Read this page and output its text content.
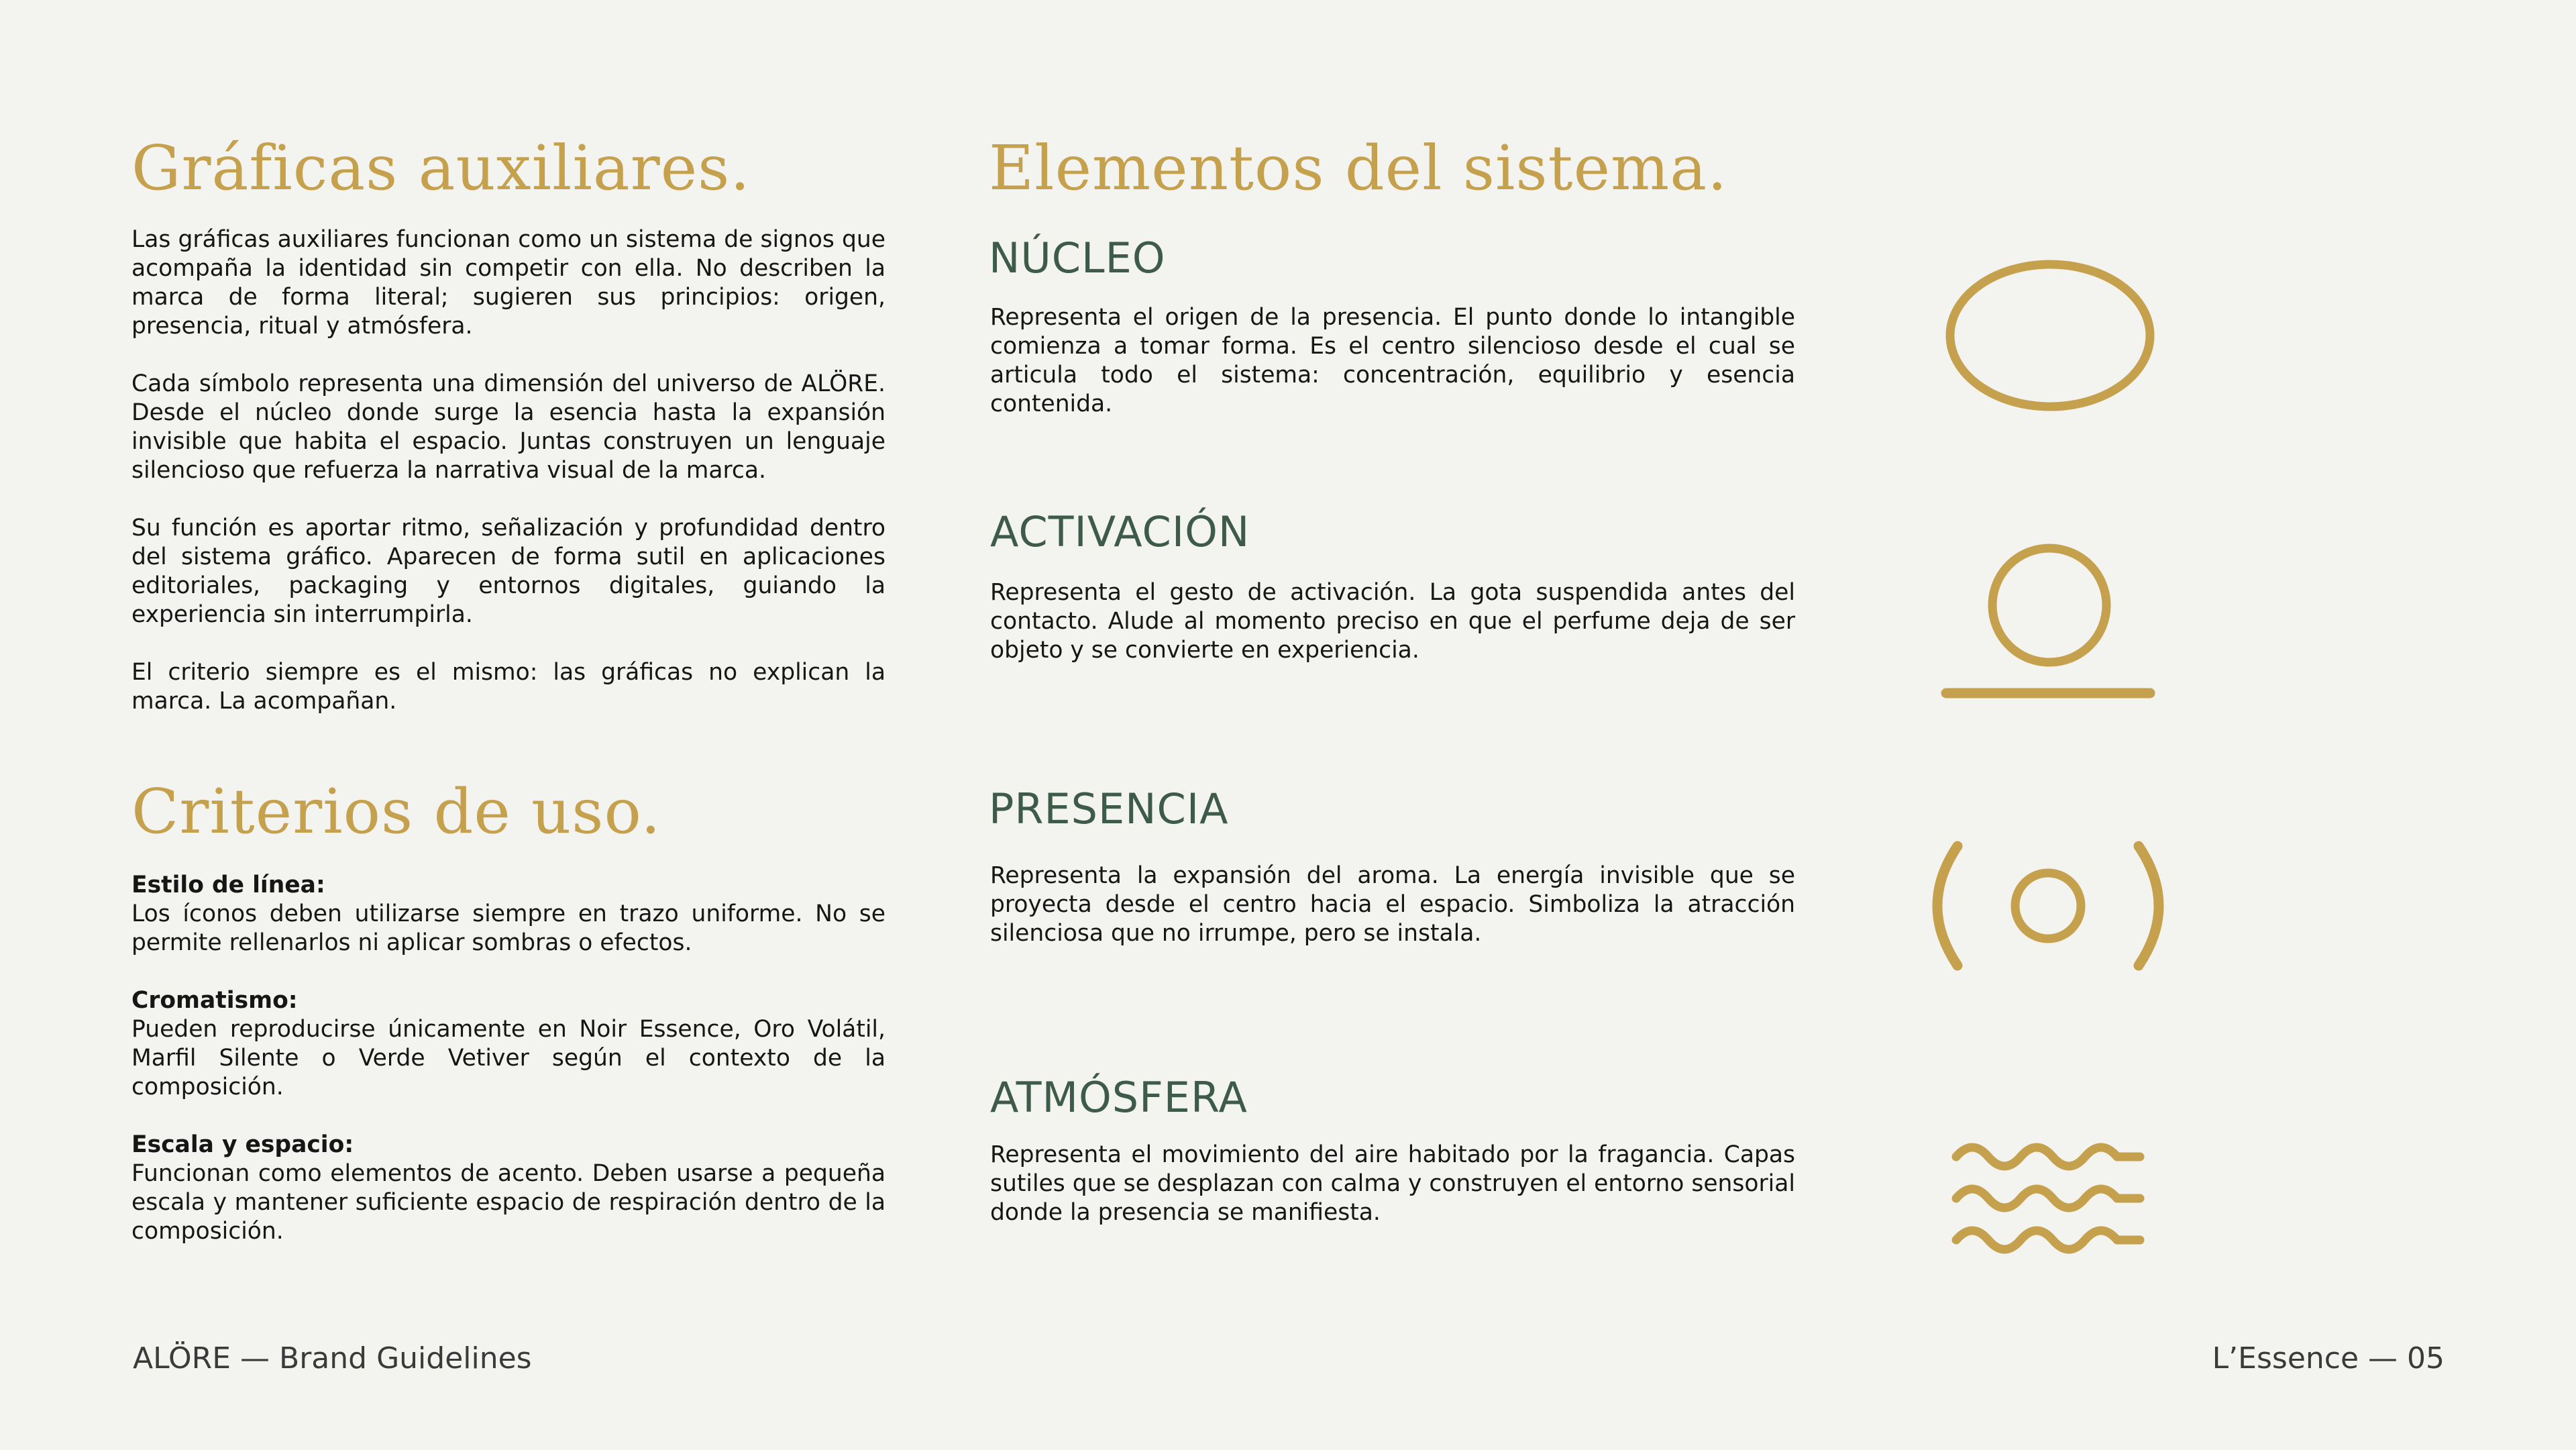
Gráficas auxiliares.

Las gráficas auxiliares funcionan como un sistema de signos que acompaña la identidad sin competir con ella. No describen la marca de forma literal; sugieren sus principios: origen, presencia, ritual y atmósfera.

Cada símbolo representa una dimensión del universo de ALÖRE. Desde el núcleo donde surge la esencia hasta la expansión invisible que habita el espacio. Juntas construyen un lenguaje silencioso que refuerza la narrativa visual de la marca.

Su función es aportar ritmo, señalización y profundidad dentro del sistema gráfico. Aparecen de forma sutil en aplicaciones editoriales, packaging y entornos digitales, guiando la experiencia sin interrumpirla.

El criterio siempre es el mismo: las gráficas no explican la marca. La acompañan.

Criterios de uso.

Estilo de línea:
Los íconos deben utilizarse siempre en trazo uniforme. No se permite rellenarlos ni aplicar sombras o efectos.

Cromatismo:
Pueden reproducirse únicamente en Noir Essence, Oro Volátil, Marfil Silente o Verde Vetiver según el contexto de la composición.

Escala y espacio:
Funcionan como elementos de acento. Deben usarse a pequeña escala y mantener suficiente espacio de respiración dentro de la composición.

Elementos del sistema.
NÚCLEO

Representa el origen de la presencia. El punto donde lo intangible comienza a tomar forma. Es el centro silencioso desde el cual se articula todo el sistema: concentración, equilibrio y esencia contenida.

ACTIVACIÓN

Representa el gesto de activación. La gota suspendida antes del contacto. Alude al momento preciso en que el perfume deja de ser objeto y se convierte en experiencia.

PRESENCIA

Representa la expansión del aroma. La energía invisible que se proyecta desde el centro hacia el espacio. Simboliza la atracción silenciosa que no irrumpe, pero se instala.

ATMÓSFERA

Representa el movimiento del aire habitado por la fragancia. Capas sutiles que se desplazan con calma y construyen el entorno sensorial donde la presencia se manifiesta.

ALÖRE — Brand Guidelines	L’Essence — 05
